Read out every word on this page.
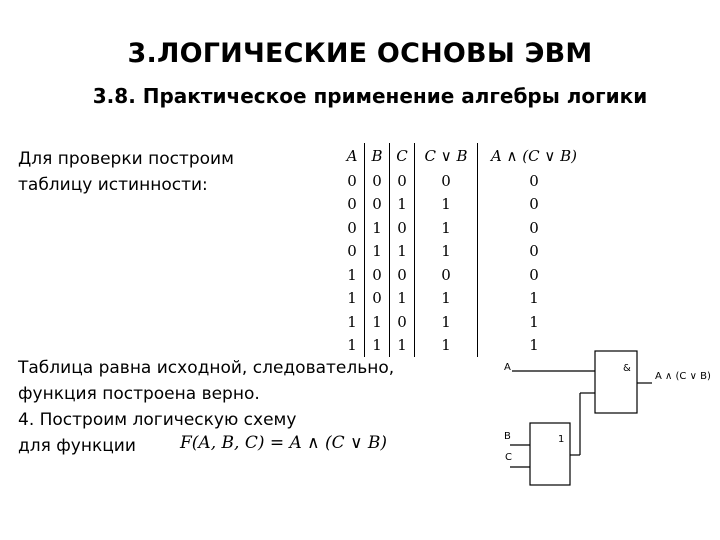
3.ЛОГИЧЕСКИЕ ОСНОВЫ ЭВМ
3.8. Практическое применение алгебры логики
Для проверки построим
таблицу истинности:
A	B	C	C ∨ B	A ∧ (C ∨ B)
0	0	0	0	0
0	0	1	1	0
0	1	0	1	0
0	1	1	1	0
1	0	0	0	0
1	0	1	1	1
1	1	0	1	1
1	1	1	1	1
Таблица равна исходной, следовательно,
функция построена верно.
4. Построим логическую схему
для функции	F(A, B, C) = A ∧ (C ∨ B)
A
B
C
&
1
A ∧ (C ∨ B)
